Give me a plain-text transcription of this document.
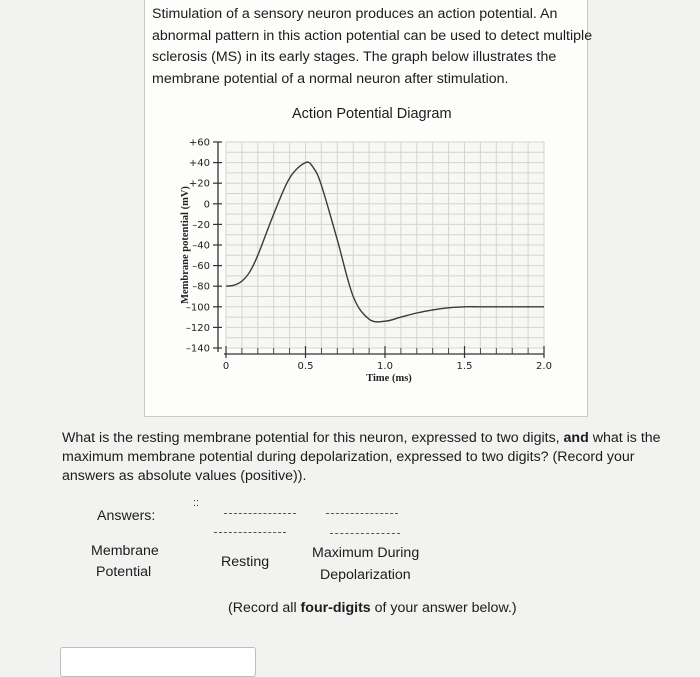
Stimulation of a sensory neuron produces an action potential. An
abnormal pattern in this action potential can be used to detect multiple
sclerosis (MS) in its early stages. The graph below illustrates the
membrane potential of a normal neuron after stimulation.

Action Potential Diagram
+60
+40
+20
0
–20
–40
–60
–80
–100
–120
–140
0	0.5	1.0	1.5	2.0
Time (ms)
Membrane potential (mV)

What is the resting membrane potential for this neuron, expressed to two digits, and what is the
maximum membrane potential during depolarization, expressed to two digits? (Record your
answers as absolute values (positive)).

Answers:
::
Membrane
Potential
Resting
Maximum During
Depolarization
(Record all four-digits of your answer below.)
